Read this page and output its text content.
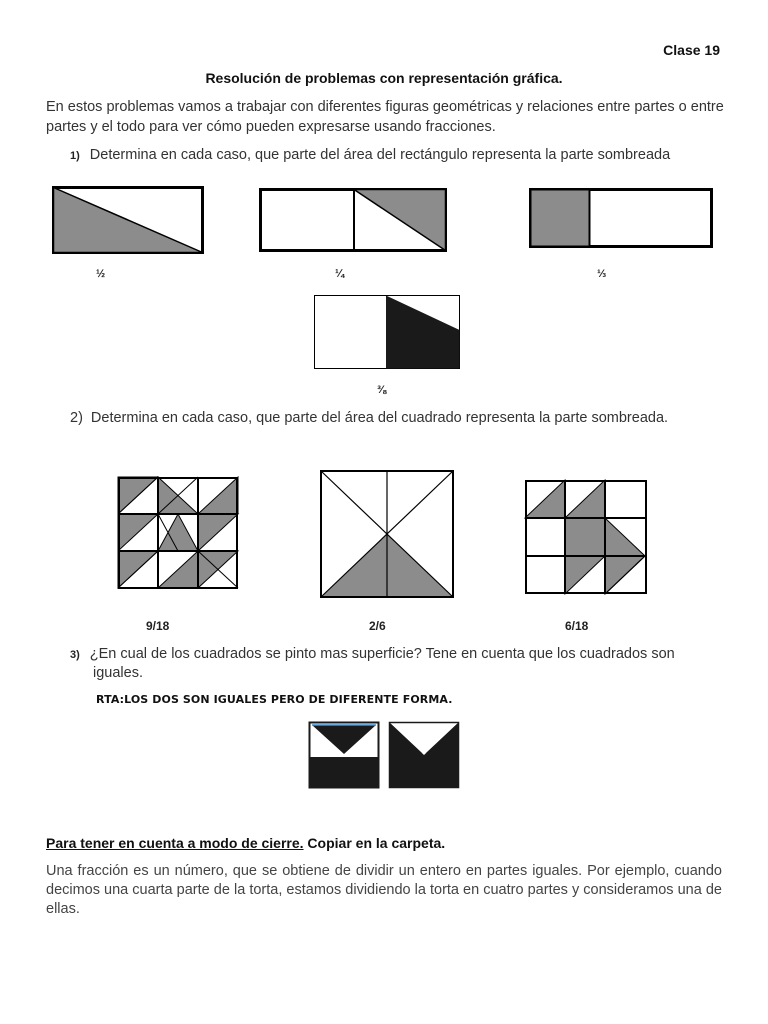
Clase 19
Resolución de problemas con representación gráfica.
En estos problemas vamos a trabajar con diferentes figuras geométricas y relaciones entre partes o entre partes y el todo para ver cómo pueden expresarse usando fracciones.
1) Determina en cada caso, que parte del área del rectángulo representa la parte sombreada
½	¼	⅓
⅜
2) Determina en cada caso, que parte del área del cuadrado representa la parte sombreada.
9/18	2/6	6/18
3) ¿En cual de los cuadrados se pinto mas superficie? Tene en cuenta que los cuadrados son
iguales.
RTA:LOS DOS SON IGUALES PERO DE DIFERENTE FORMA.
Para tener en cuenta a modo de cierre. Copiar en la carpeta.
Una fracción es un número, que se obtiene de dividir un entero en partes iguales. Por ejemplo, cuando decimos una cuarta parte de la torta, estamos dividiendo la torta en cuatro partes y consideramos una de ellas.
